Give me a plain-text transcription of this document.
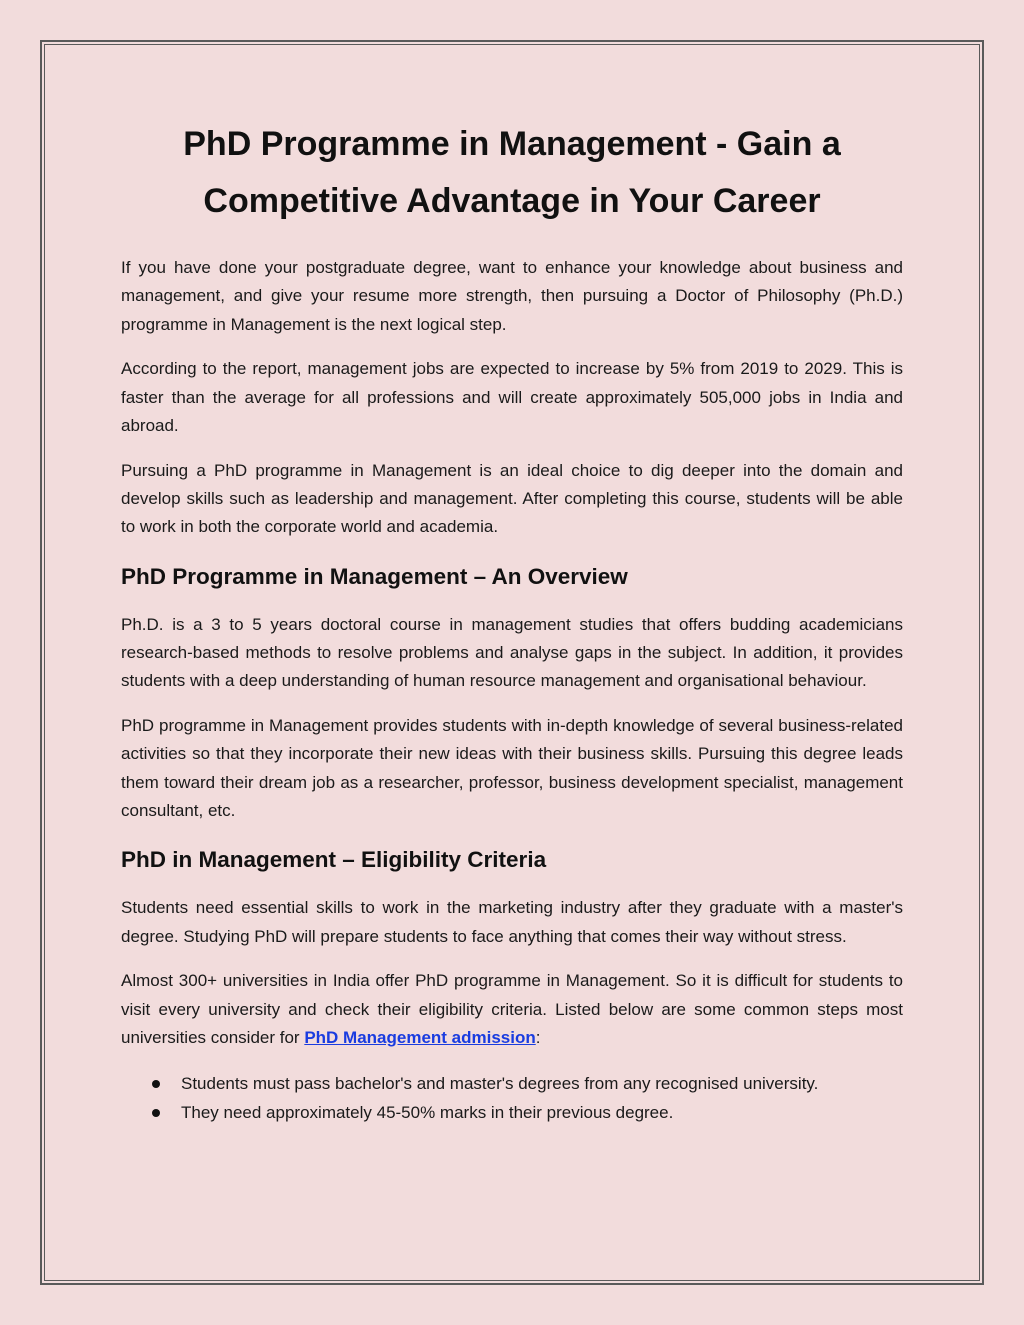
PhD Programme in Management - Gain a Competitive Advantage in Your Career

If you have done your postgraduate degree, want to enhance your knowledge about business and management, and give your resume more strength, then pursuing a Doctor of Philosophy (Ph.D.) programme in Management is the next logical step.

According to the report, management jobs are expected to increase by 5% from 2019 to 2029. This is faster than the average for all professions and will create approximately 505,000 jobs in India and abroad.

Pursuing a PhD programme in Management is an ideal choice to dig deeper into the domain and develop skills such as leadership and management. After completing this course, students will be able to work in both the corporate world and academia.

PhD Programme in Management – An Overview

Ph.D. is a 3 to 5 years doctoral course in management studies that offers budding academicians research-based methods to resolve problems and analyse gaps in the subject. In addition, it provides students with a deep understanding of human resource management and organisational behaviour.

PhD programme in Management provides students with in-depth knowledge of several business-related activities so that they incorporate their new ideas with their business skills. Pursuing this degree leads them toward their dream job as a researcher, professor, business development specialist, management consultant, etc.

PhD in Management – Eligibility Criteria

Students need essential skills to work in the marketing industry after they graduate with a master's degree. Studying PhD will prepare students to face anything that comes their way without stress.

Almost 300+ universities in India offer PhD programme in Management. So it is difficult for students to visit every university and check their eligibility criteria. Listed below are some common steps most universities consider for PhD Management admission:

Students must pass bachelor's and master's degrees from any recognised university.
They need approximately 45-50% marks in their previous degree.
